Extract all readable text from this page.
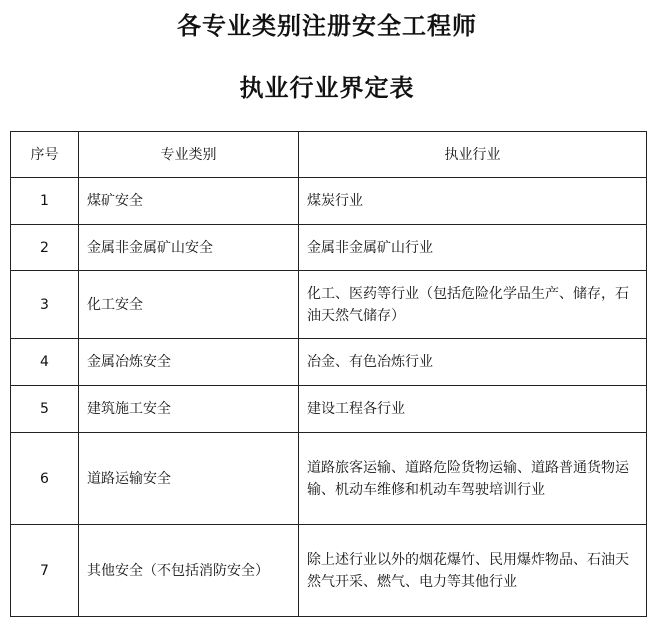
各专业类别注册安全工程师
执业行业界定表
序号	专业类别	执业行业
1	煤矿安全	煤炭行业
2	金属非金属矿山安全	金属非金属矿山行业
3	化工安全	化工、医药等行业（包括危险化学品生产、储存，石油天然气储存）
4	金属冶炼安全	冶金、有色冶炼行业
5	建筑施工安全	建设工程各行业
6	道路运输安全	道路旅客运输、道路危险货物运输、道路普通货物运输、机动车维修和机动车驾驶培训行业
7	其他安全（不包括消防安全）	除上述行业以外的烟花爆竹、民用爆炸物品、石油天然气开采、燃气、电力等其他行业
